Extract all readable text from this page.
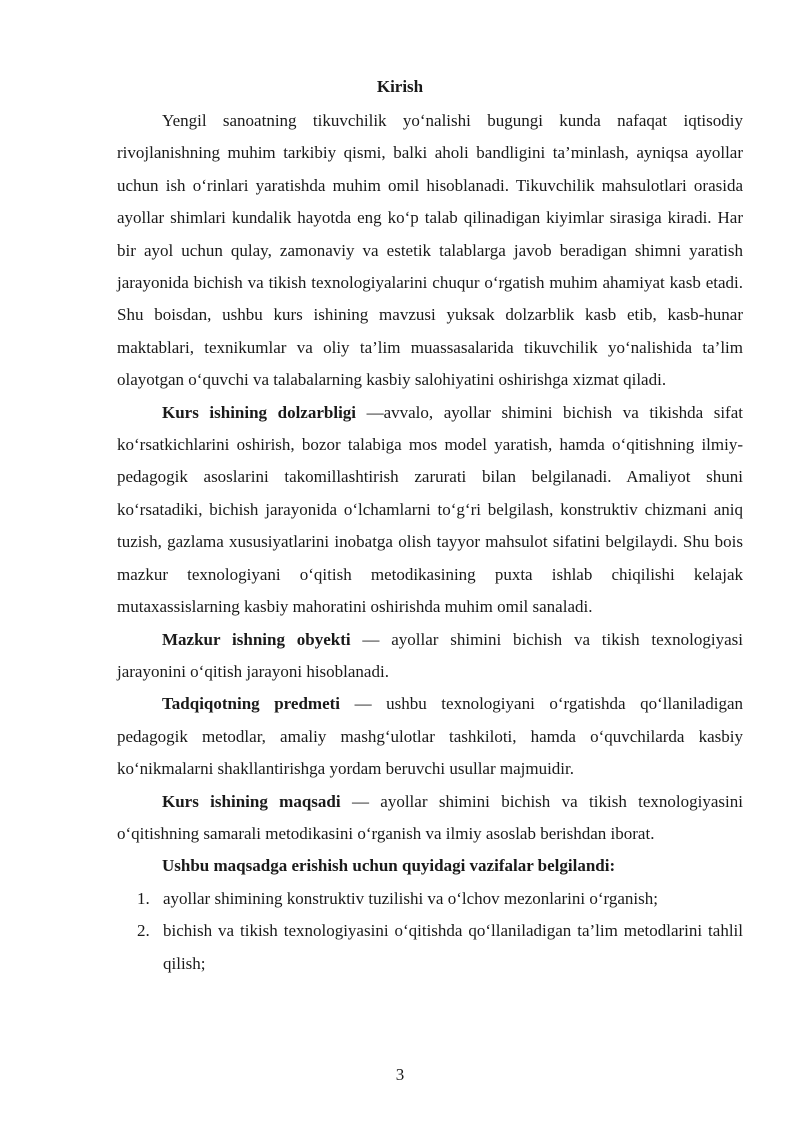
Kirish

Yengil sanoatning tikuvchilik yo‘nalishi bugungi kunda nafaqat iqtisodiy rivojlanishning muhim tarkibiy qismi, balki aholi bandligini ta’minlash, ayniqsa ayollar uchun ish o‘rinlari yaratishda muhim omil hisoblanadi. Tikuvchilik mahsulotlari orasida ayollar shimlari kundalik hayotda eng ko‘p talab qilinadigan kiyimlar sirasiga kiradi. Har bir ayol uchun qulay, zamonaviy va estetik talablarga javob beradigan shimni yaratish jarayonida bichish va tikish texnologiyalarini chuqur o‘rgatish muhim ahamiyat kasb etadi. Shu boisdan, ushbu kurs ishining mavzusi yuksak dolzarblik kasb etib, kasb-hunar maktablari, texnikumlar va oliy ta’lim muassasalarida tikuvchilik yo‘nalishida ta’lim olayotgan o‘quvchi va talabalarning kasbiy salohiyatini oshirishga xizmat qiladi.

Kurs ishining dolzarbligi —avvalo, ayollar shimini bichish va tikishda sifat ko‘rsatkichlarini oshirish, bozor talabiga mos model yaratish, hamda o‘qitishning ilmiy-pedagogik asoslarini takomillashtirish zarurati bilan belgilanadi. Amaliyot shuni ko‘rsatadiki, bichish jarayonida o‘lchamlarni to‘g‘ri belgilash, konstruktiv chizmani aniq tuzish, gazlama xususiyatlarini inobatga olish tayyor mahsulot sifatini belgilaydi. Shu bois mazkur texnologiyani o‘qitish metodikasining puxta ishlab chiqilishi kelajak mutaxassislarning kasbiy mahoratini oshirishda muhim omil sanaladi.

Mazkur ishning obyekti — ayollar shimini bichish va tikish texnologiyasi jarayonini o‘qitish jarayoni hisoblanadi.

Tadqiqotning predmeti — ushbu texnologiyani o‘rgatishda qo‘llaniladigan pedagogik metodlar, amaliy mashg‘ulotlar tashkiloti, hamda o‘quvchilarda kasbiy ko‘nikmalarni shakllantirishga yordam beruvchi usullar majmuidir.

Kurs ishining maqsadi — ayollar shimini bichish va tikish texnologiyasini o‘qitishning samarali metodikasini o‘rganish va ilmiy asoslab berishdan iborat.

Ushbu maqsadga erishish uchun quyidagi vazifalar belgilandi:

1. ayollar shimining konstruktiv tuzilishi va o‘lchov mezonlarini o‘rganish;
2. bichish va tikish texnologiyasini o‘qitishda qo‘llaniladigan ta’lim metodlarini tahlil qilish;
3
